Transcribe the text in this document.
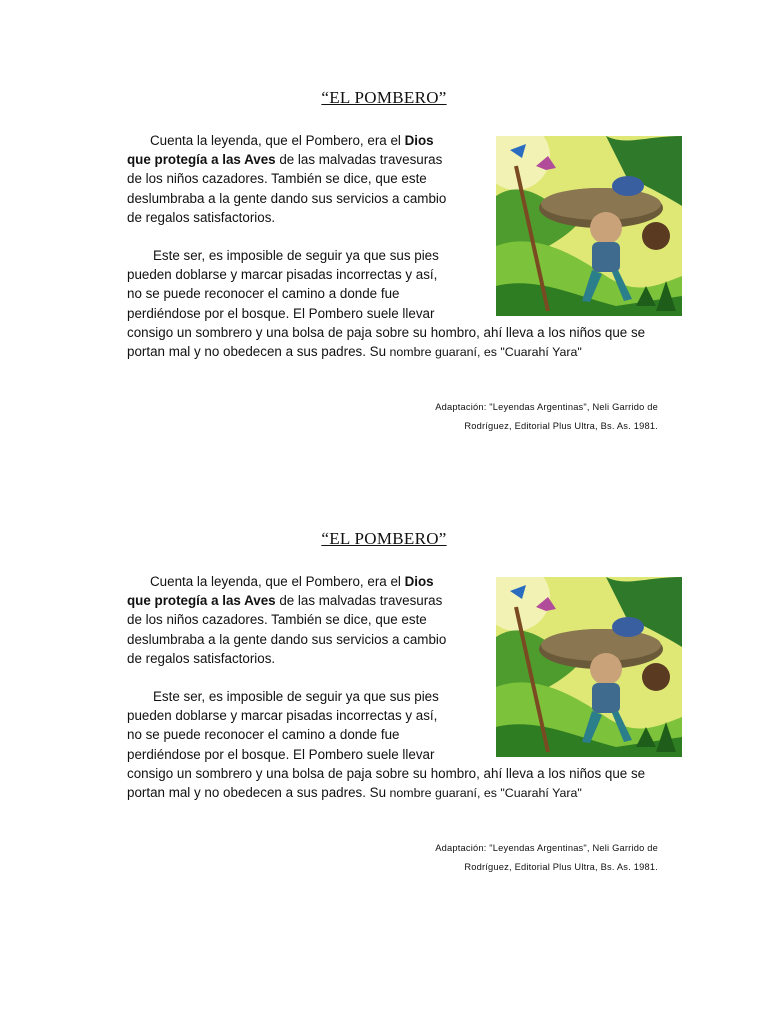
“EL POMBERO”

Cuenta la leyenda, que el Pombero, era el Dios que protegía a las Aves de las malvadas travesuras de los niños cazadores. También se dice, que este deslumbraba a la gente dando sus servicios a cambio de regalos satisfactorios.

Este ser, es imposible de seguir ya que sus pies pueden doblarse y marcar pisadas incorrectas y así, no se puede reconocer el camino a donde fue perdiéndose por el bosque. El Pombero suele llevar consigo un sombrero y una bolsa de paja sobre su hombro, ahí lleva a los niños que se portan mal y no obedecen a sus padres. Su nombre guaraní, es "Cuarahí Yara"

Adaptación: "Leyendas Argentinas", Neli Garrido de
Rodríguez, Editorial Plus Ultra, Bs. As. 1981.
“EL POMBERO”

Cuenta la leyenda, que el Pombero, era el Dios que protegía a las Aves de las malvadas travesuras de los niños cazadores. También se dice, que este deslumbraba a la gente dando sus servicios a cambio de regalos satisfactorios.

Este ser, es imposible de seguir ya que sus pies pueden doblarse y marcar pisadas incorrectas y así, no se puede reconocer el camino a donde fue perdiéndose por el bosque. El Pombero suele llevar consigo un sombrero y una bolsa de paja sobre su hombro, ahí lleva a los niños que se portan mal y no obedecen a sus padres. Su nombre guaraní, es "Cuarahí Yara"

Adaptación: "Leyendas Argentinas", Neli Garrido de
Rodríguez, Editorial Plus Ultra, Bs. As. 1981.
